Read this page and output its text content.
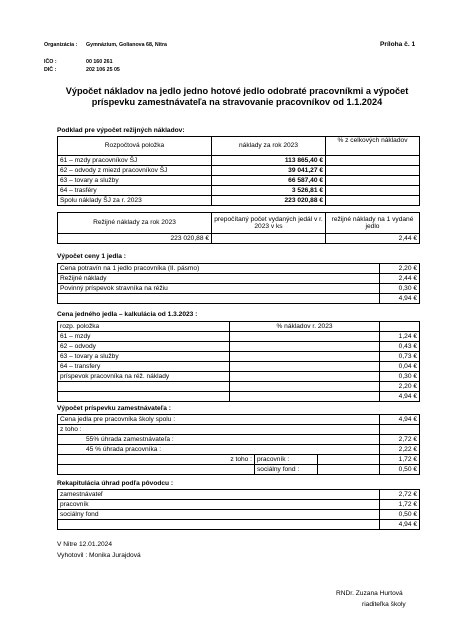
Organizácia : Gymnázium, Golianova 68, Nitra	Príloha č. 1
IČO :	00 160 261
DIČ :	202 106 25 05
Výpočet nákladov na jedlo jedno hotové jedlo odobraté pracovníkmi a výpočet
príspevku zamestnávateľa na stravovanie pracovníkov od 1.1.2024
Podklad pre výpočet režijných nákladov:
Rozpočtová položka	náklady za rok 2023	% z celkových nákladov
61 – mzdy pracovníkov ŠJ	113 865,40 €	
62 – odvody z miezd pracovníkov ŠJ	39 041,27 €	
63 – tovary a služby	66 587,40 €	
64 – trasféry	3 526,81 €	
Spolu náklady ŠJ za r. 2023	223 020,88 €	
Režijné náklady za rok 2023	prepočítaný počet vydaných jedál v r. 2023 v ks	režijné náklady na 1 vydané jedlo
223 020,88 €		2,44 €
Výpočet ceny 1 jedla :
Cena potravín na 1 jedlo pracovníka (II. pásmo)	2,20 €
Režijné náklady	2,44 €
Povinný príspevok stravníka na réžiu	0,30 €
	4,94 €
Cena jedného jedla – kalkulácia od 1.3.2023 :
rozp. položka	% nákladov r. 2023	
61 – mzdy		1,24 €
62 – odvody		0,43 €
63 – tovary a služby		0,73 €
64 – transfery		0,04 €
príspevok pracovníka na réž. náklady		0,30 €
		2,20 €
		4,94 €
Výpočet príspevku zamestnávateľa :
Cena jedla pre pracovníka školy spolu :			4,94 €
z toho :			
55% úhrada zamestnávateľa :			2,72 €
45 % úhrada pracovníka :			2,22 €
z toho :	pracovník :		1,72 €
	sociálny fond :		0,50 €
Rekapitulácia úhrad podľa pôvodcu :
zamestnávateľ	2,72 €
pracovník	1,72 €
sociálny fond	0,50 €
	4,94 €
V Nitre 12.01.2024
Vyhotovil : Monika Jurajdová
RNDr. Zuzana Hurtová
riaditeľka školy
